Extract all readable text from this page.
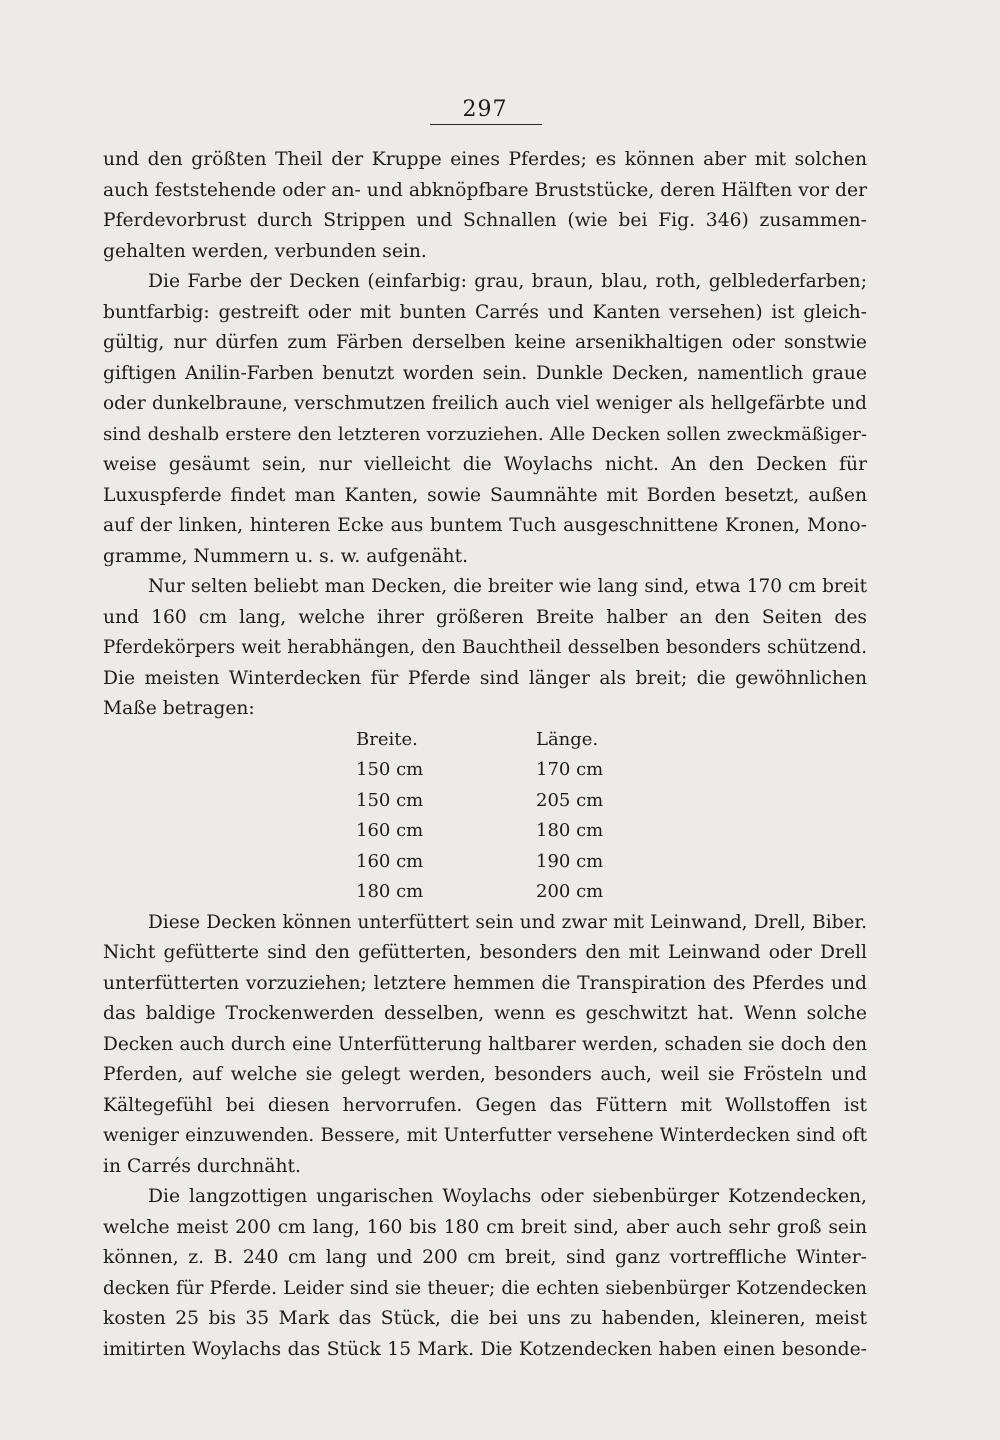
297

und den größten Theil der Kruppe eines Pferdes; es können aber mit solchen
auch feststehende oder an- und abknöpfbare Bruststücke, deren Hälften vor der
Pferdevorbrust durch Strippen und Schnallen (wie bei Fig. 346) zusammen-
gehalten werden, verbunden sein.

Die Farbe der Decken (einfarbig: grau, braun, blau, roth, gelblederfarben;
buntfarbig: gestreift oder mit bunten Carrés und Kanten versehen) ist gleich-
gültig, nur dürfen zum Färben derselben keine arsenikhaltigen oder sonstwie
giftigen Anilin-Farben benutzt worden sein. Dunkle Decken, namentlich graue
oder dunkelbraune, verschmutzen freilich auch viel weniger als hellgefärbte und
sind deshalb erstere den letzteren vorzuziehen. Alle Decken sollen zweckmäßiger-
weise gesäumt sein, nur vielleicht die Woylachs nicht. An den Decken für
Luxuspferde findet man Kanten, sowie Saumnähte mit Borden besetzt, außen
auf der linken, hinteren Ecke aus buntem Tuch ausgeschnittene Kronen, Mono-
gramme, Nummern u. s. w. aufgenäht.

Nur selten beliebt man Decken, die breiter wie lang sind, etwa 170 cm breit
und 160 cm lang, welche ihrer größeren Breite halber an den Seiten des
Pferdekörpers weit herabhängen, den Bauchtheil desselben besonders schützend.
Die meisten Winterdecken für Pferde sind länger als breit; die gewöhnlichen
Maße betragen:

Breite.	Länge.
150 cm	170 cm
150 cm	205 cm
160 cm	180 cm
160 cm	190 cm
180 cm	200 cm

Diese Decken können unterfüttert sein und zwar mit Leinwand, Drell, Biber.
Nicht gefütterte sind den gefütterten, besonders den mit Leinwand oder Drell
unterfütterten vorzuziehen; letztere hemmen die Transpiration des Pferdes und
das baldige Trockenwerden desselben, wenn es geschwitzt hat. Wenn solche
Decken auch durch eine Unterfütterung haltbarer werden, schaden sie doch den
Pferden, auf welche sie gelegt werden, besonders auch, weil sie Frösteln und
Kältegefühl bei diesen hervorrufen. Gegen das Füttern mit Wollstoffen ist
weniger einzuwenden. Bessere, mit Unterfutter versehene Winterdecken sind oft
in Carrés durchnäht.

Die langzottigen ungarischen Woylachs oder siebenbürger Kotzendecken,
welche meist 200 cm lang, 160 bis 180 cm breit sind, aber auch sehr groß sein
können, z. B. 240 cm lang und 200 cm breit, sind ganz vortreffliche Winter-
decken für Pferde. Leider sind sie theuer; die echten siebenbürger Kotzendecken
kosten 25 bis 35 Mark das Stück, die bei uns zu habenden, kleineren, meist
imitirten Woylachs das Stück 15 Mark. Die Kotzendecken haben einen besonde-
